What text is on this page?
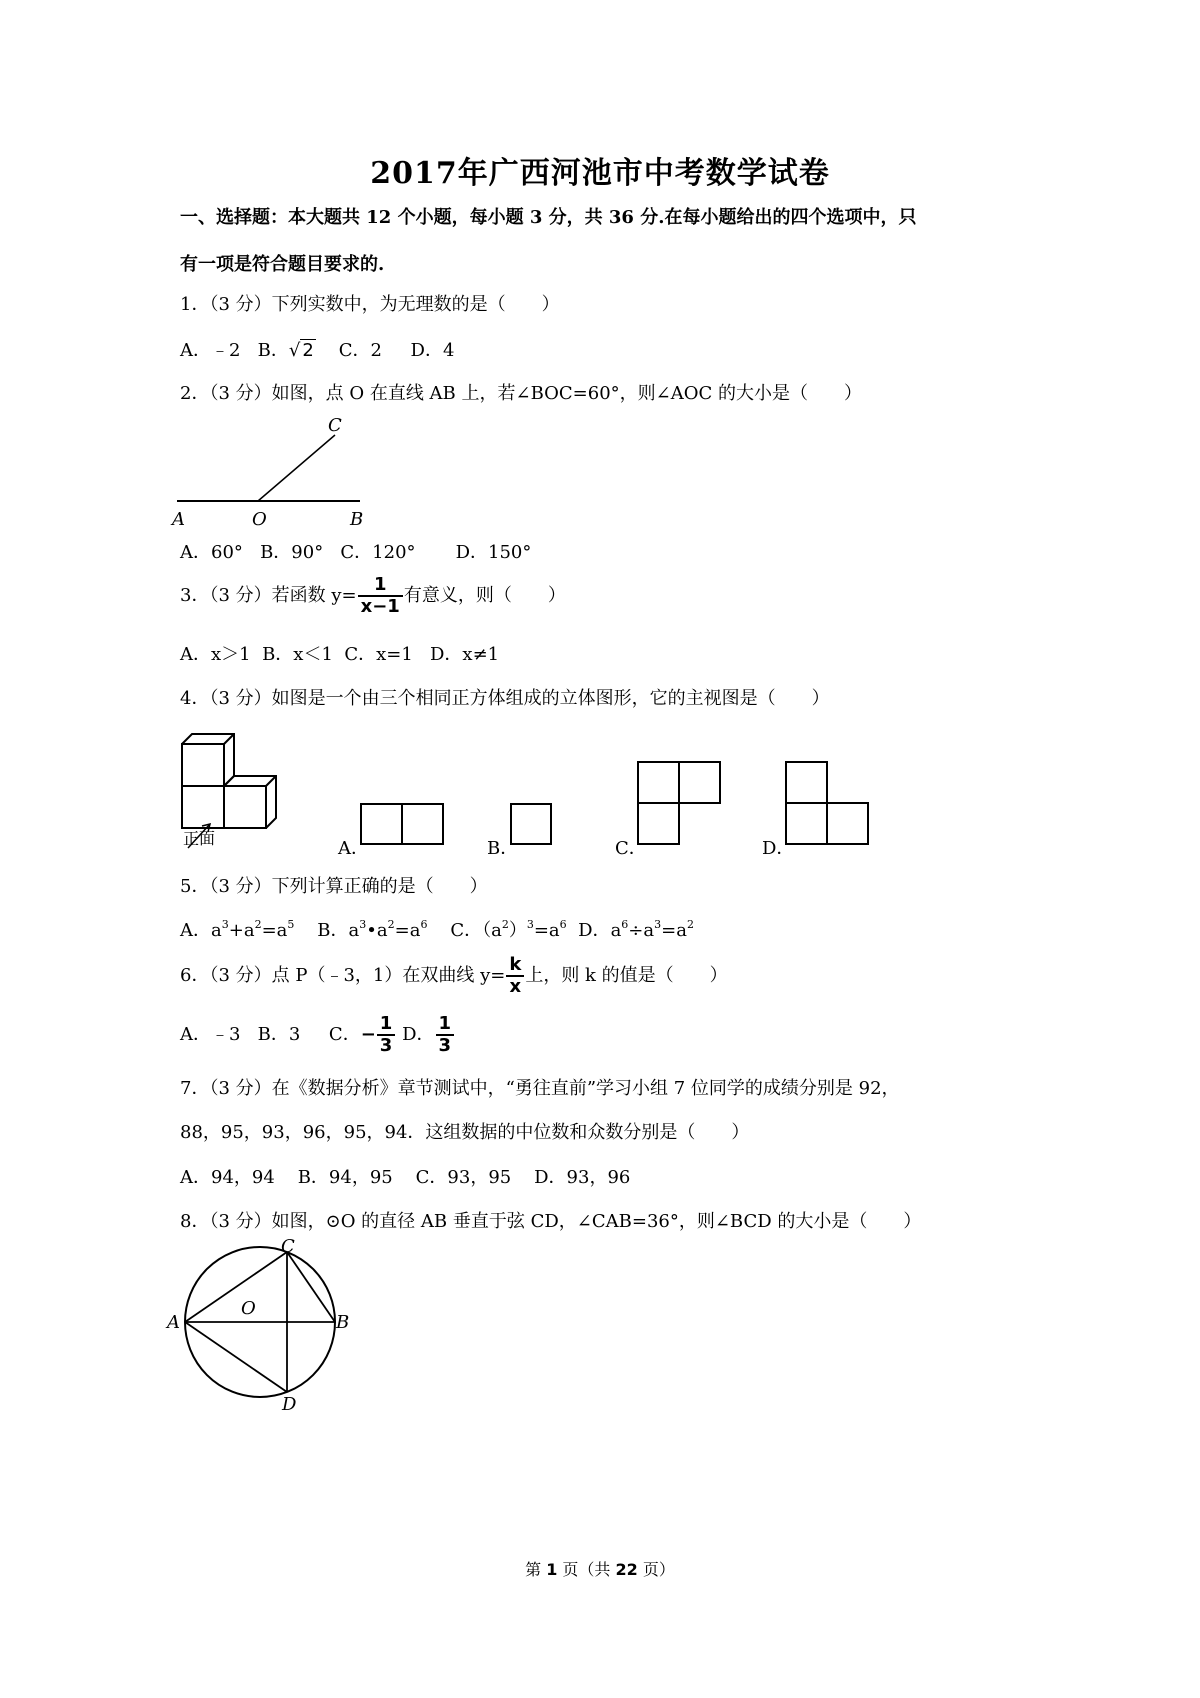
2017年广西河池市中考数学试卷
一、选择题：本大题共 12 个小题，每小题 3 分，共 36 分.在每小题给出的四个选项中，只
有一项是符合题目要求的.
1．（3 分）下列实数中，为无理数的是（　　）
A．﹣2 B．√ 2 C．2 D．4
2．（3 分）如图，点 O 在直线 AB 上，若∠BOC=60°，则∠AOC 的大小是（　　）
C
A	O	B
A．60° B．90° C．120° D．150°
3．（3 分）若函数 $y= \frac{1}{x-1}$ 有意义，则（　　）
A．x＞1 B．x＜1 C．x=1 D．x≠1
4．（3 分）如图是一个由三个相同正方体组成的立体图形，它的主视图是（　　）
正面	A．	B．	C．	D．
5．（3 分）下列计算正确的是（　　）
A．$a^3+a^2=a^5$ B．$a^3•a^2=a^6$ C．$(a^2)^3=a^6$ D．$a^6\div a^3=a^2$
6．（3 分）点 P（﹣3，1）在双曲线 $y= \frac{k}{x}$ 上，则 k 的值是（　　）
A．﹣3 B．3 C．− $\frac{1}{3}$ D． $\frac{1}{3}$
7．（3 分）在《数据分析》章节测试中，“勇往直前”学习小组 7 位同学的成绩分别是 92，
88，95，93，96，95，94．这组数据的中位数和众数分别是（　　）
A．94，94 B．94，95 C．93，95 D．93，96
8．（3 分）如图，⊙O 的直径 AB 垂直于弦 CD，∠CAB=36°，则∠BCD 的大小是（　　）
C
A
O
B
D
第 1 页（共 22 页）
